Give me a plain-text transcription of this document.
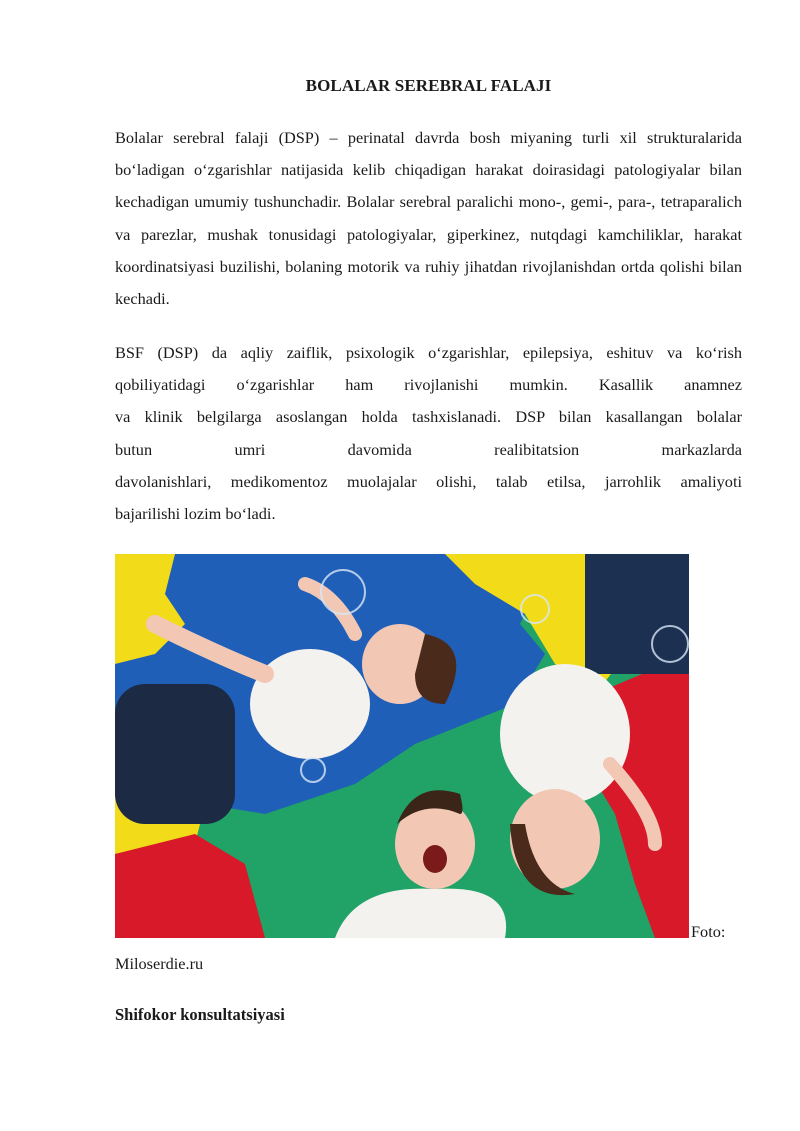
BOLALAR SEREBRAL FALAJI

Bolalar serebral falaji (DSP) – perinatal davrda bosh miyaning turli xil strukturalarida bo‘ladigan o‘zgarishlar natijasida kelib chiqadigan harakat doirasidagi patologiyalar bilan kechadigan umumiy tushunchadir. Bolalar serebral paralichi mono-, gemi-, para-, tetraparalich va parezlar, mushak tonusidagi patologiyalar, giperkinez, nutqdagi kamchiliklar, harakat koordinatsiyasi buzilishi, bolaning motorik va ruhiy jihatdan rivojlanishdan ortda qolishi bilan kechadi.

BSF (DSP) da aqliy zaiflik, psixologik o‘zgarishlar, epilepsiya, eshituv va ko‘rish
qobiliyatidagi o‘zgarishlar ham rivojlanishi mumkin. Kasallik anamnez
va klinik belgilarga asoslangan holda tashxislanadi. DSP bilan kasallangan bolalar
butun umri davomida realibitatsion markazlarda
davolanishlari, medikomentoz muolajalar olishi, talab etilsa, jarrohlik amaliyoti
bajarilishi lozim bo‘ladi.
Foto:
Miloserdie.ru
Shifokor konsultatsiyasi
